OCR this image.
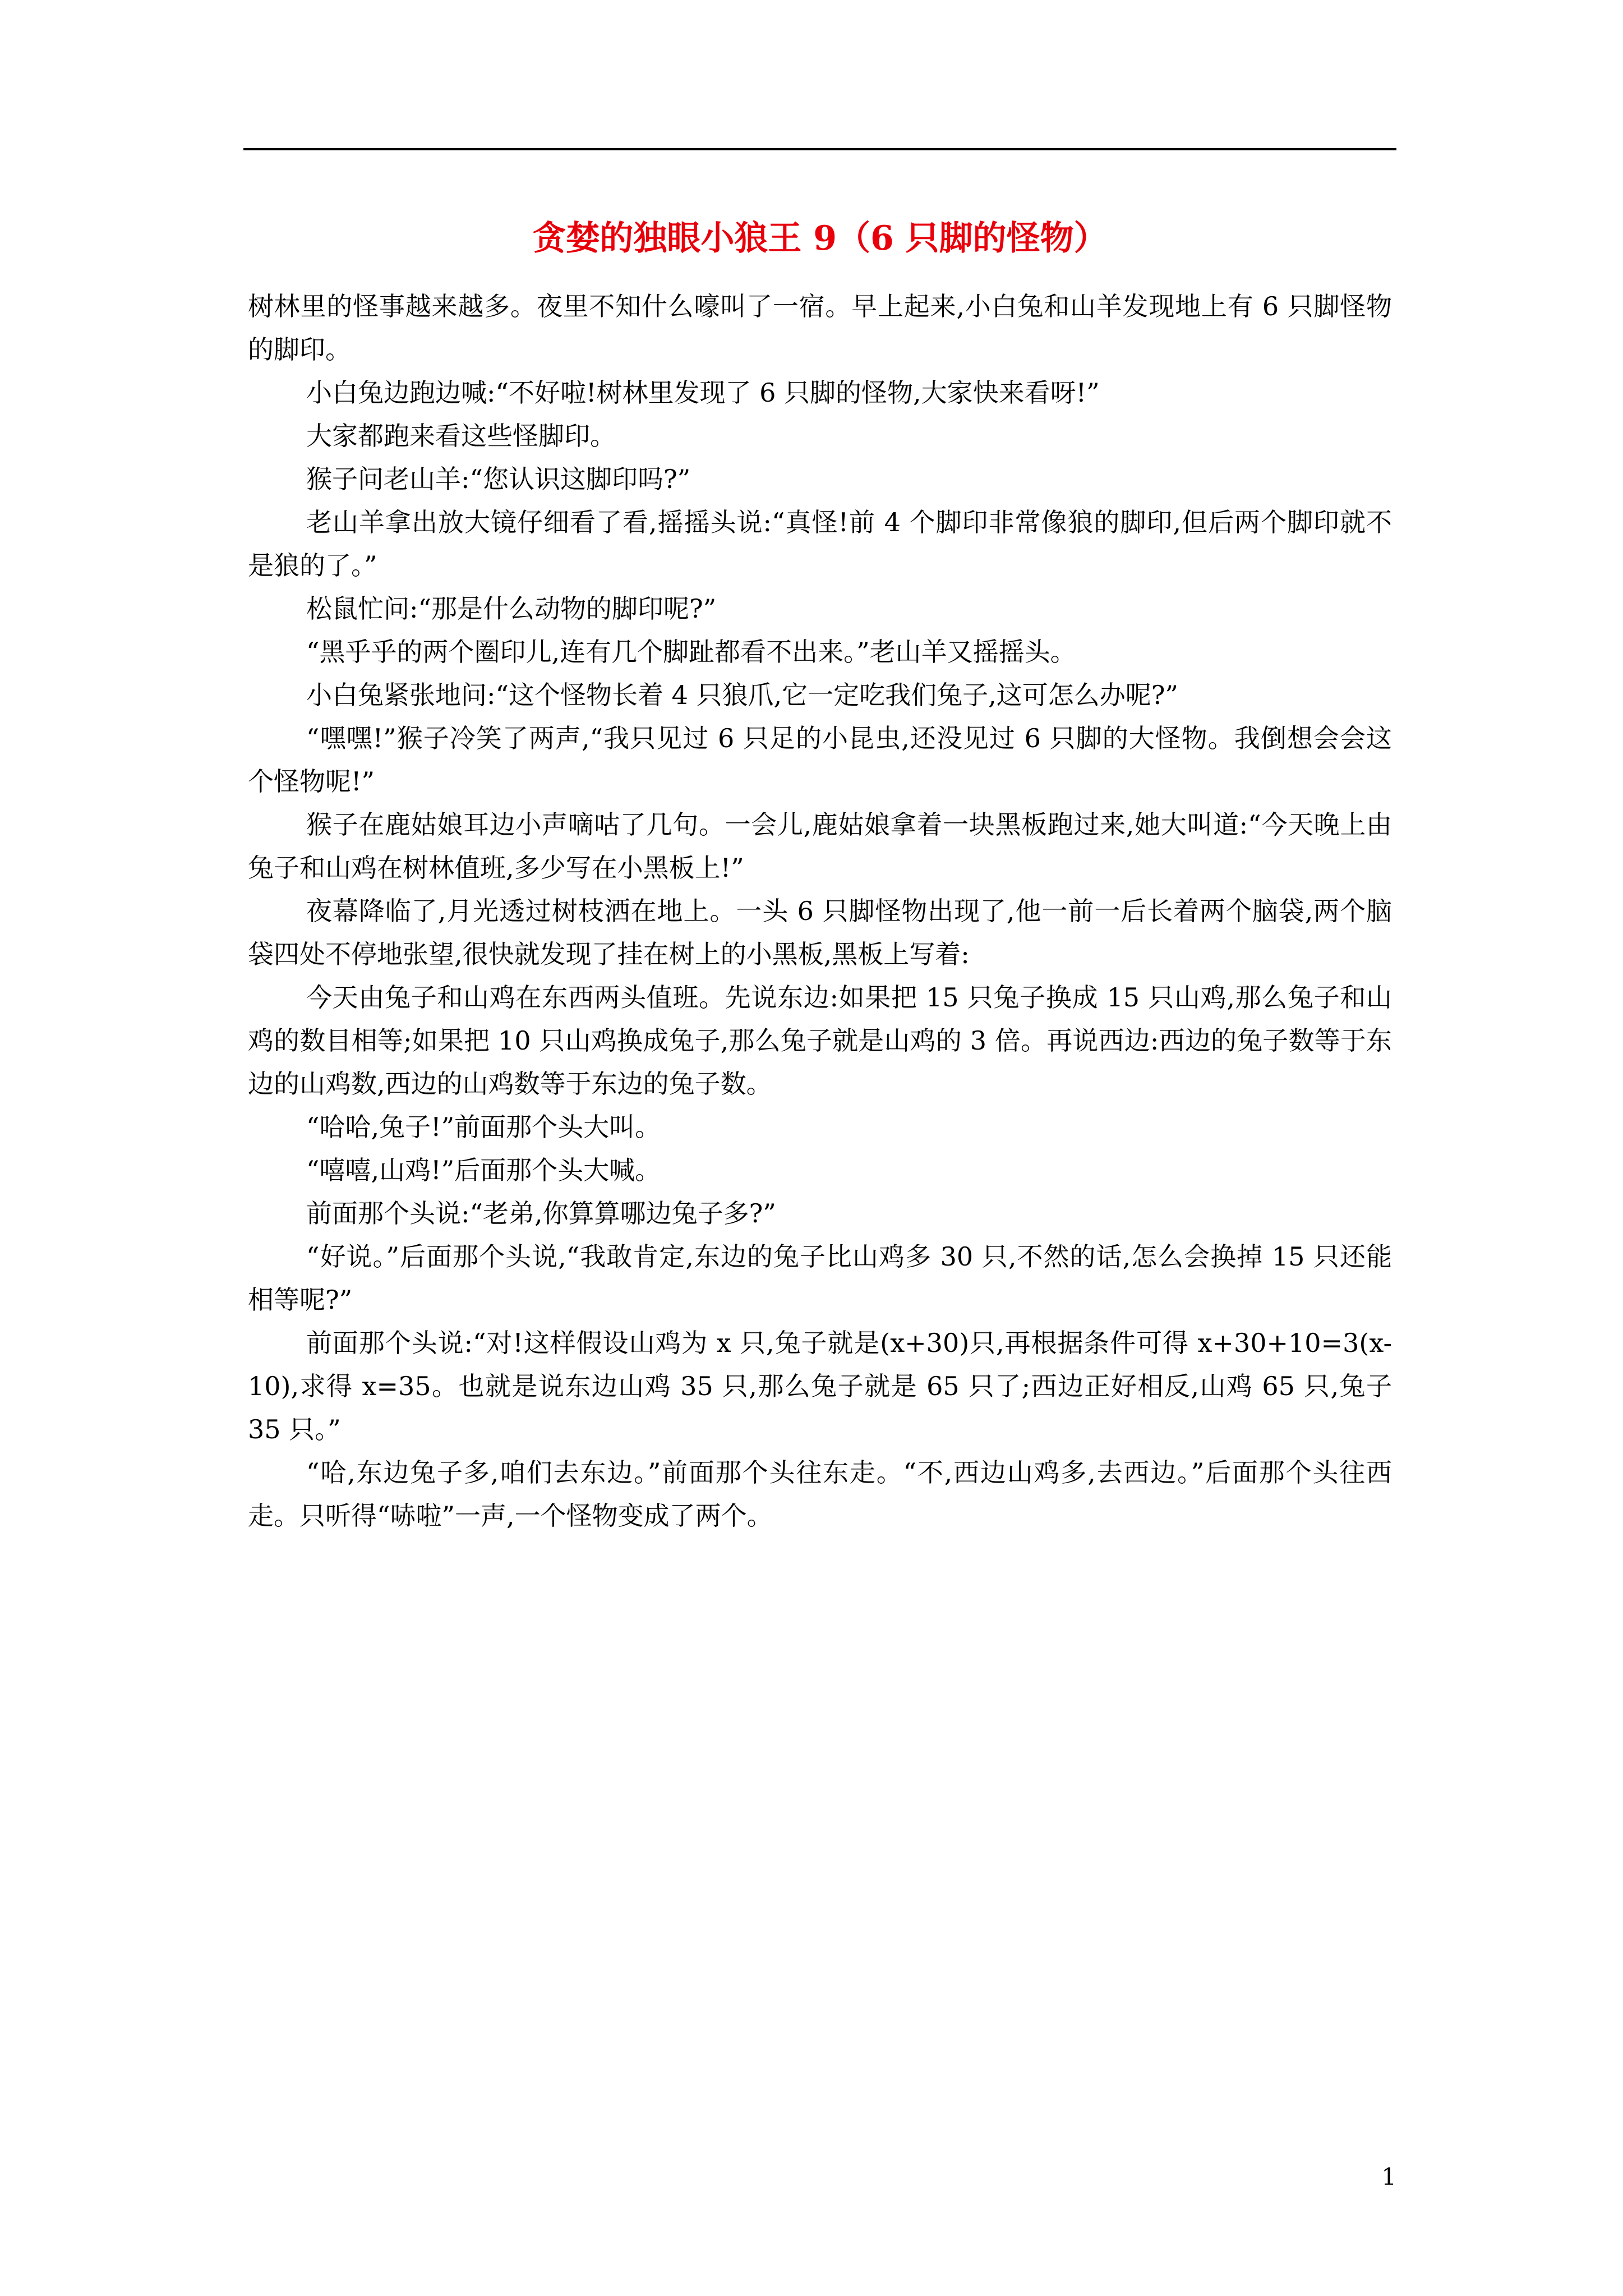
贪婪的独眼小狼王 9（6 只脚的怪物）

树林里的怪事越来越多。夜里不知什么嚎叫了一宿。早上起来,小白兔和山羊发现地上有 6 只脚怪物的脚印。

小白兔边跑边喊:“不好啦!树林里发现了 6 只脚的怪物,大家快来看呀!”

大家都跑来看这些怪脚印。

猴子问老山羊:“您认识这脚印吗?”

老山羊拿出放大镜仔细看了看,摇摇头说:“真怪!前 4 个脚印非常像狼的脚印,但后两个脚印就不是狼的了。”

松鼠忙问:“那是什么动物的脚印呢?”

“黑乎乎的两个圈印儿,连有几个脚趾都看不出来。”老山羊又摇摇头。

小白兔紧张地问:“这个怪物长着 4 只狼爪,它一定吃我们兔子,这可怎么办呢?”

“嘿嘿!”猴子冷笑了两声,“我只见过 6 只足的小昆虫,还没见过 6 只脚的大怪物。我倒想会会这个怪物呢!”

猴子在鹿姑娘耳边小声嘀咕了几句。一会儿,鹿姑娘拿着一块黑板跑过来,她大叫道:“今天晚上由兔子和山鸡在树林值班,多少写在小黑板上!”

夜幕降临了,月光透过树枝洒在地上。一头 6 只脚怪物出现了,他一前一后长着两个脑袋,两个脑袋四处不停地张望,很快就发现了挂在树上的小黑板,黑板上写着:

今天由兔子和山鸡在东西两头值班。先说东边:如果把 15 只兔子换成 15 只山鸡,那么兔子和山鸡的数目相等;如果把 10 只山鸡换成兔子,那么兔子就是山鸡的 3 倍。再说西边:西边的兔子数等于东边的山鸡数,西边的山鸡数等于东边的兔子数。

“哈哈,兔子!”前面那个头大叫。

“嘻嘻,山鸡!”后面那个头大喊。

前面那个头说:“老弟,你算算哪边兔子多?”

“好说。”后面那个头说,“我敢肯定,东边的兔子比山鸡多 30 只,不然的话,怎么会换掉 15 只还能相等呢?”

前面那个头说:“对!这样假设山鸡为 x 只,兔子就是(x+30)只,再根据条件可得 x+30+10=3(x-10),求得 x=35。也就是说东边山鸡 35 只,那么兔子就是 65 只了;西边正好相反,山鸡 65 只,兔子 35 只。”

“哈,东边兔子多,咱们去东边。”前面那个头往东走。“不,西边山鸡多,去西边。”后面那个头往西走。只听得“哧啦”一声,一个怪物变成了两个。

1
